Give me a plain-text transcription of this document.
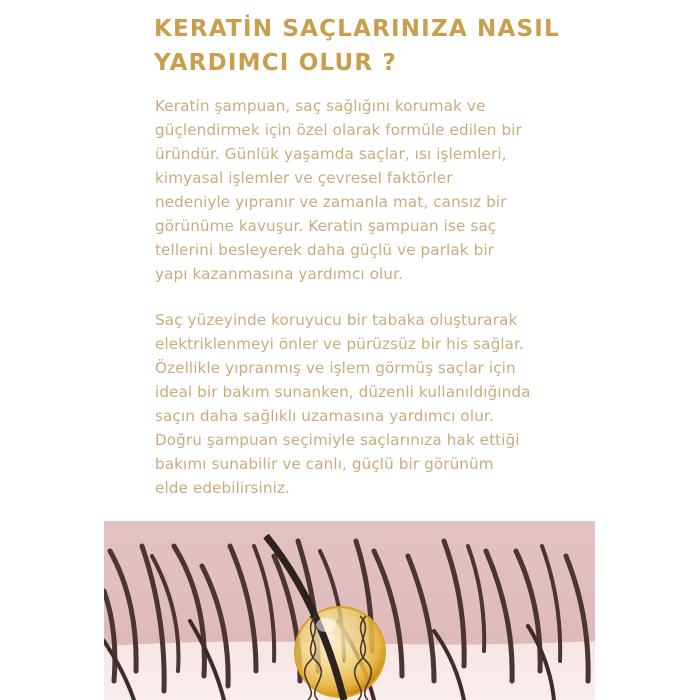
KERATİN SAÇLARINIZA NASIL
YARDIMCI OLUR ?

Keratin şampuan, saç sağlığını korumak ve
güçlendirmek için özel olarak formüle edilen bir
üründür. Günlük yaşamda saçlar, ısı işlemleri,
kimyasal işlemler ve çevresel faktörler
nedeniyle yıpranır ve zamanla mat, cansız bir
görünüme kavuşur. Keratin şampuan ise saç
tellerini besleyerek daha güçlü ve parlak bir
yapı kazanmasına yardımcı olur.

Saç yüzeyinde koruyucu bir tabaka oluşturarak
elektriklenmeyi önler ve pürüzsüz bir his sağlar.
Özellikle yıpranmış ve işlem görmüş saçlar için
ideal bir bakım sunanken, düzenli kullanıldığında
saçın daha sağlıklı uzamasına yardımcı olur.
Doğru şampuan seçimiyle saçlarınıza hak ettiği
bakımı sunabilir ve canlı, güçlü bir görünüm
elde edebilirsiniz.
